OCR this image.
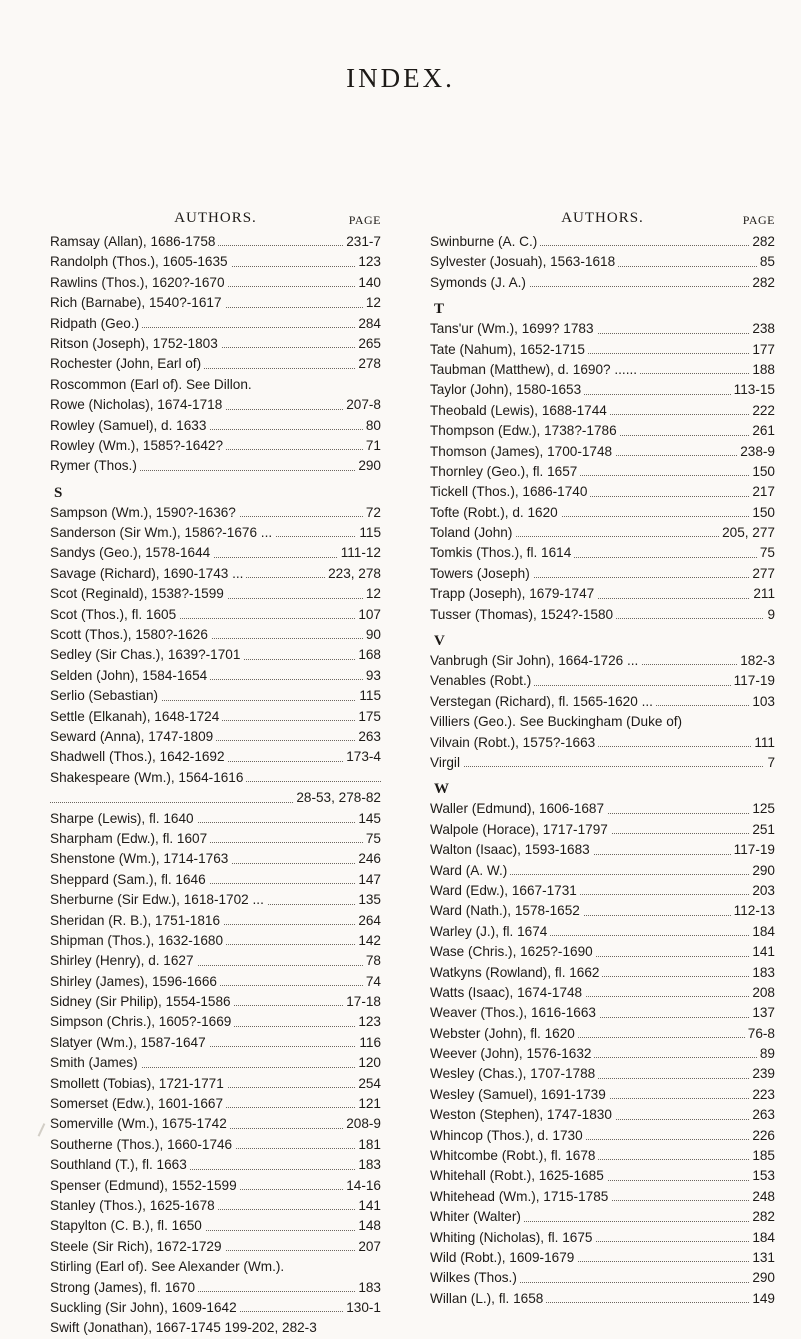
INDEX.
AUTHORS.	PAGE
Ramsay (Allan), 1686-1758	231-7
Randolph (Thos.), 1605-1635	123
Rawlins (Thos.), 1620?-1670	140
Rich (Barnabe), 1540?-1617	12
Ridpath (Geo.)	284
Ritson (Joseph), 1752-1803	265
Rochester (John, Earl of)	278
Roscommon (Earl of). See Dillon.
Rowe (Nicholas), 1674-1718	207-8
Rowley (Samuel), d. 1633	80
Rowley (Wm.), 1585?-1642?	71
Rymer (Thos.)	290
S
Sampson (Wm.), 1590?-1636?	72
Sanderson (Sir Wm.), 1586?-1676 ...	115
Sandys (Geo.), 1578-1644	111-12
Savage (Richard), 1690-1743 ...	223, 278
Scot (Reginald), 1538?-1599	12
Scot (Thos.), fl. 1605	107
Scott (Thos.), 1580?-1626	90
Sedley (Sir Chas.), 1639?-1701	168
Selden (John), 1584-1654	93
Serlio (Sebastian)	115
Settle (Elkanah), 1648-1724	175
Seward (Anna), 1747-1809	263
Shadwell (Thos.), 1642-1692	173-4
Shakespeare (Wm.), 1564-1616
28-53, 278-82
Sharpe (Lewis), fl. 1640	145
Sharpham (Edw.), fl. 1607	75
Shenstone (Wm.), 1714-1763	246
Sheppard (Sam.), fl. 1646	147
Sherburne (Sir Edw.), 1618-1702 ...	135
Sheridan (R. B.), 1751-1816	264
Shipman (Thos.), 1632-1680	142
Shirley (Henry), d. 1627	78
Shirley (James), 1596-1666	74
Sidney (Sir Philip), 1554-1586	17-18
Simpson (Chris.), 1605?-1669	123
Slatyer (Wm.), 1587-1647	116
Smith (James)	120
Smollett (Tobias), 1721-1771	254
Somerset (Edw.), 1601-1667	121
Somerville (Wm.), 1675-1742	208-9
Southerne (Thos.), 1660-1746	181
Southland (T.), fl. 1663	183
Spenser (Edmund), 1552-1599	14-16
Stanley (Thos.), 1625-1678	141
Stapylton (C. B.), fl. 1650	148
Steele (Sir Rich), 1672-1729	207
Stirling (Earl of). See Alexander (Wm.).
Strong (James), fl. 1670	183
Suckling (Sir John), 1609-1642	130-1
Swift (Jonathan), 1667-1745 199-202, 282-3
AUTHORS.	PAGE
Swinburne (A. C.)	282
Sylvester (Josuah), 1563-1618	85
Symonds (J. A.)	282
T
Tans'ur (Wm.), 1699? 1783	238
Tate (Nahum), 1652-1715	177
Taubman (Matthew), d. 1690? ......	188
Taylor (John), 1580-1653	113-15
Theobald (Lewis), 1688-1744	222
Thompson (Edw.), 1738?-1786	261
Thomson (James), 1700-1748	238-9
Thornley (Geo.), fl. 1657	150
Tickell (Thos.), 1686-1740	217
Tofte (Robt.), d. 1620	150
Toland (John)	205, 277
Tomkis (Thos.), fl. 1614	75
Towers (Joseph)	277
Trapp (Joseph), 1679-1747	211
Tusser (Thomas), 1524?-1580	9
V
Vanbrugh (Sir John), 1664-1726 ...	182-3
Venables (Robt.)	117-19
Verstegan (Richard), fl. 1565-1620 ...	103
Villiers (Geo.). See Buckingham (Duke of)
Vilvain (Robt.), 1575?-1663	111
Virgil	7
W
Waller (Edmund), 1606-1687	125
Walpole (Horace), 1717-1797	251
Walton (Isaac), 1593-1683	117-19
Ward (A. W.)	290
Ward (Edw.), 1667-1731	203
Ward (Nath.), 1578-1652	112-13
Warley (J.), fl. 1674	184
Wase (Chris.), 1625?-1690	141
Watkyns (Rowland), fl. 1662	183
Watts (Isaac), 1674-1748	208
Weaver (Thos.), 1616-1663	137
Webster (John), fl. 1620	76-8
Weever (John), 1576-1632	89
Wesley (Chas.), 1707-1788	239
Wesley (Samuel), 1691-1739	223
Weston (Stephen), 1747-1830	263
Whincop (Thos.), d. 1730	226
Whitcombe (Robt.), fl. 1678	185
Whitehall (Robt.), 1625-1685	153
Whitehead (Wm.), 1715-1785	248
Whiter (Walter)	282
Whiting (Nicholas), fl. 1675	184
Wild (Robt.), 1609-1679	131
Wilkes (Thos.)	290
Willan (L.), fl. 1658	149
